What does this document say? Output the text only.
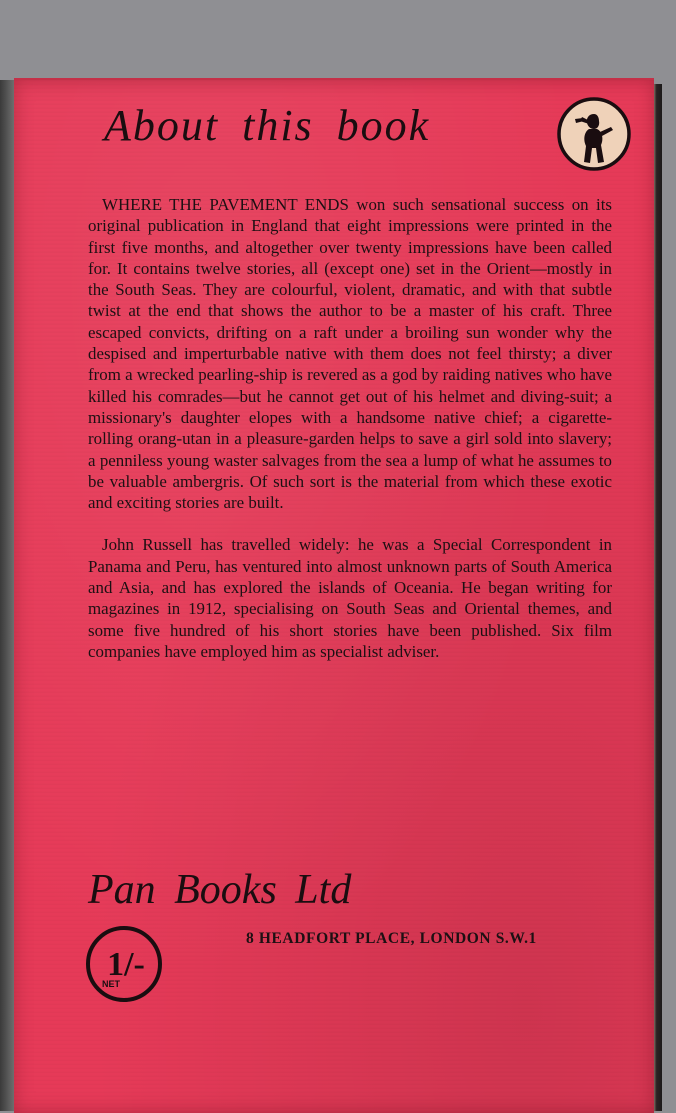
About this book

WHERE THE PAVEMENT ENDS won such sensational success on its original publication in England that eight impressions were printed in the first five months, and altogether over twenty impressions have been called for. It contains twelve stories, all (except one) set in the Orient—mostly in the South Seas. They are colourful, violent, dramatic, and with that subtle twist at the end that shows the author to be a master of his craft. Three escaped convicts, drifting on a raft under a broiling sun wonder why the despised and imperturbable native with them does not feel thirsty; a diver from a wrecked pearling-ship is revered as a god by raiding natives who have killed his comrades—but he cannot get out of his helmet and diving-suit; a missionary's daughter elopes with a handsome native chief; a cigarette-rolling orang-utan in a pleasure-garden helps to save a girl sold into slavery; a penniless young waster salvages from the sea a lump of what he assumes to be valuable ambergris. Of such sort is the material from which these exotic and exciting stories are built.

John Russell has travelled widely: he was a Special Correspondent in Panama and Peru, has ventured into almost unknown parts of South America and Asia, and has explored the islands of Oceania. He began writing for magazines in 1912, specialising on South Seas and Oriental themes, and some five hundred of his short stories have been published. Six film companies have employed him as specialist adviser.

Pan Books Ltd
1/-
NET

8 HEADFORT PLACE, LONDON S.W.1
